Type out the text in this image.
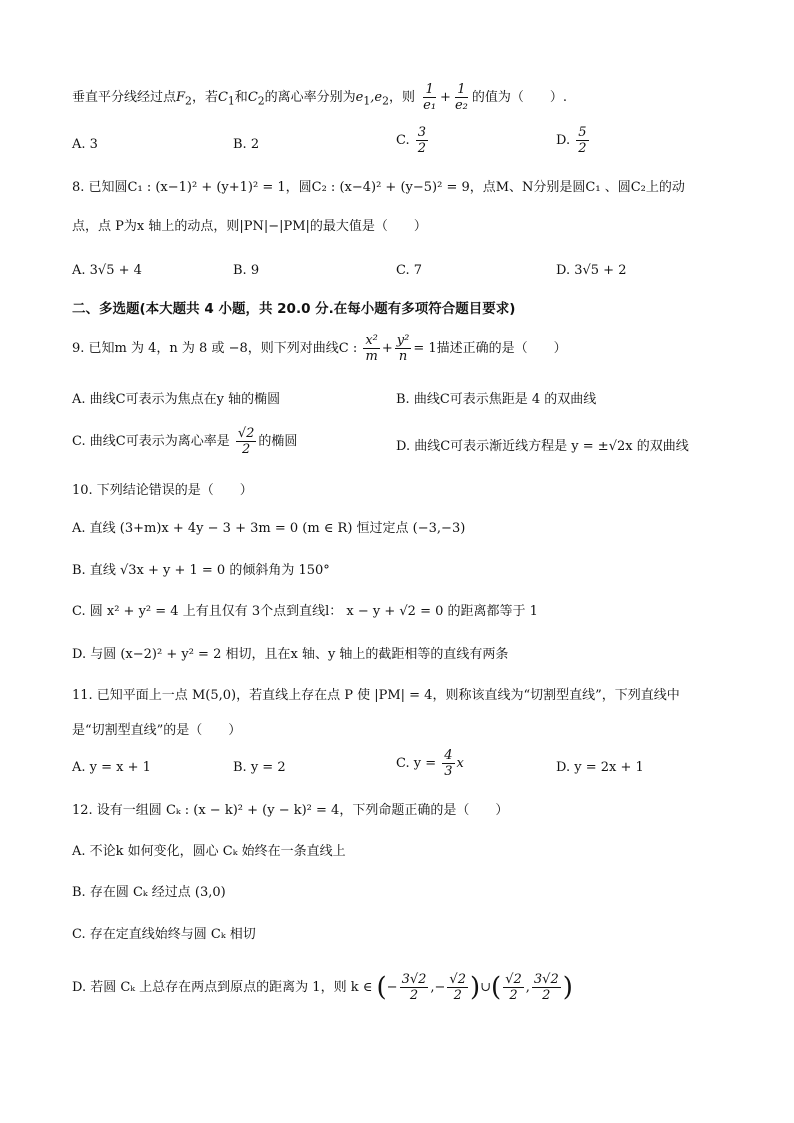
垂直平分线经过点$F_2$，若$C_1$和$C_2$的离心率分别为$e_1,e_2$，则 $\frac{1}{\text{e₁}} + \frac{1}{\text{e₂}}$ 的值为（　　）.
A. 3	B. 2	C. $\frac{3}{2}$	D. $\frac{5}{2}$
8. 已知圆C₁ : (x−1)² + (y+1)² = 1，圆C₂ : (x−4)² + (y−5)² = 9，点M、N分别是圆C₁ 、圆C₂上的动
点，点 P为x 轴上的动点，则|PN|−|PM|的最大值是（　　）
A. 3√5 + 4	B. 9	C. 7	D. 3√5 + 2
二、多选题(本大题共 4 小题，共 20.0 分.在每小题有多项符合题目要求)
9. 已知m 为 4，n 为 8 或 −8，则下列对曲线C : $\frac{\text{x²}}{m} + \frac{\text{y²}}{n} = 1$描述正确的是（　　）
A. 曲线C可表示为焦点在y 轴的椭圆	B. 曲线C可表示焦距是 4 的双曲线
C. 曲线C可表示为离心率是 $\frac{√2}{2}$ 的椭圆	D. 曲线C可表示渐近线方程是 y = ±√2x 的双曲线
10. 下列结论错误的是（　　）
A. 直线 (3+m)x + 4y − 3 + 3m = 0 (m ∈ R) 恒过定点 (−3,−3)
B. 直线 √3x + y + 1 = 0 的倾斜角为 150°
C. 圆 x² + y² = 4 上有且仅有 3个点到直线l： x − y + √2 = 0 的距离都等于 1
D. 与圆 (x−2)² + y² = 2 相切，且在x 轴、y 轴上的截距相等的直线有两条
11. 已知平面上一点 M(5,0)，若直线上存在点 P 使 |PM| = 4，则称该直线为“切割型直线”，下列直线中
是“切割型直线”的是（　　）
A. y = x + 1	B. y = 2	C. $y = \frac{4}{3}$ x	D. y = 2x + 1
12. 设有一组圆 Cₖ : (x − k)² + (y − k)² = 4，下列命题正确的是（　　）
A. 不论k 如何变化，圆心 Cₖ 始终在一条直线上
B. 存在圆 Cₖ 经过点 (3,0)
C. 存在定直线始终与圆 Cₖ 相切
D. 若圆 Cₖ 上总存在两点到原点的距离为 1，则 k ∈ (− $\frac{3√2}{2}$ ,− $\frac{√2}{2}$ )∪( $\frac{√2}{2}$ , $\frac{3√2}{2}$ )
